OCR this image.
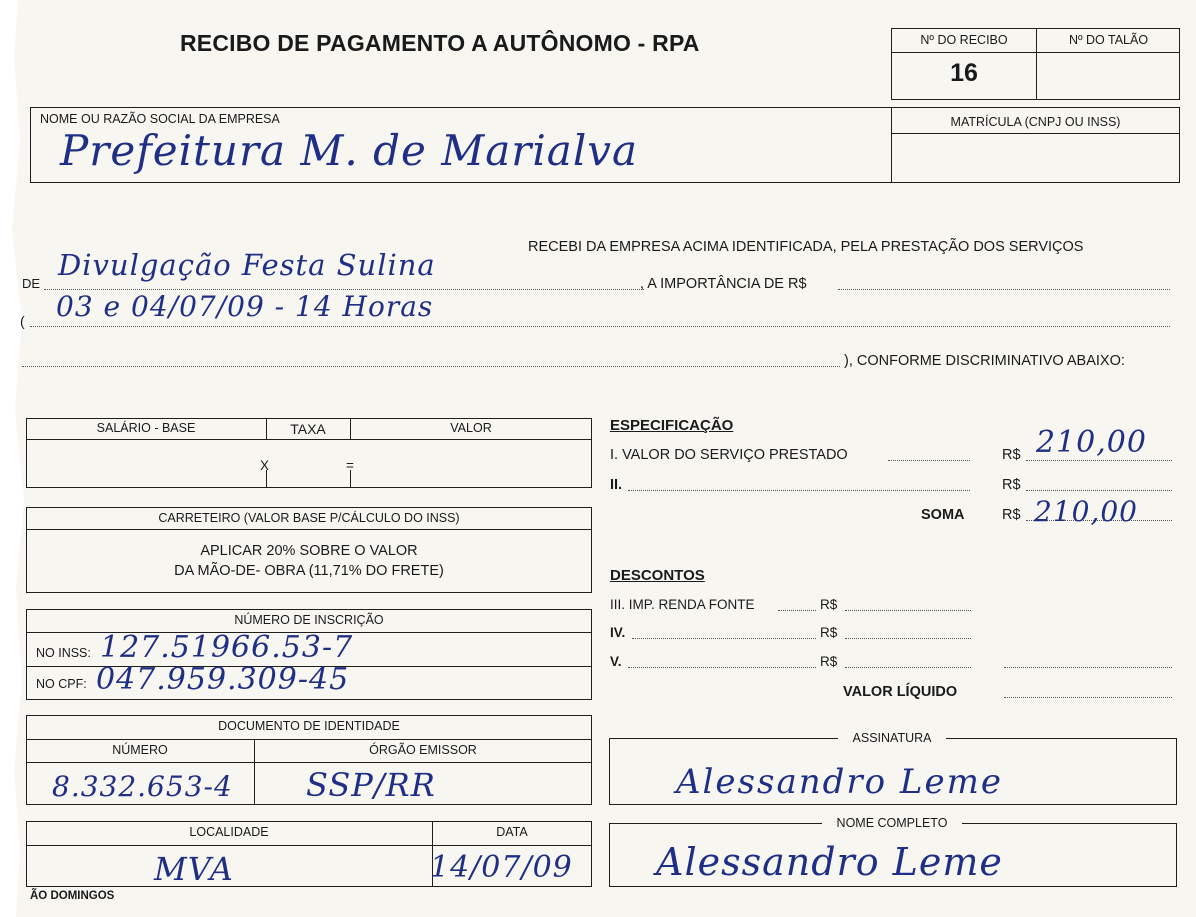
RECIBO DE PAGAMENTO A AUTÔNOMO - RPA	Nº DO RECIBO	Nº DO TALÃO
16
NOME OU RAZÃO SOCIAL DA EMPRESA	MATRÍCULA (CNPJ OU INSS)
Prefeitura M. de Marialva
RECEBI DA EMPRESA ACIMA IDENTIFICADA, PELA PRESTAÇÃO DOS SERVIÇOS
DE
Divulgação Festa Sulina
, A IMPORTÂNCIA DE R$
( 03 e 04/07/09 - 14 Horas
), CONFORME DISCRIMINATIVO ABAIXO:
SALÁRIO - BASE	TAXA	VALOR
X	=
CARRETEIRO (VALOR BASE P/CÁLCULO DO INSS)
APLICAR 20% SOBRE O VALOR
DA MÃO-DE- OBRA (11,71% DO FRETE)
NÚMERO DE INSCRIÇÃO
NO INSS: 127.51966.53-7
NO CPF: 047.959.309-45
DOCUMENTO DE IDENTIDADE
NÚMERO	ÓRGÃO EMISSOR
8.332.653-4 SSP/RR
LOCALIDADE	DATA
MVA	14/07/09
ÃO DOMINGOS
ESPECIFICAÇÃO
I. VALOR DO SERVIÇO PRESTADO	R$ 210,00
II.	R$
SOMA	R$ 210,00
DESCONTOS
III. IMP. RENDA FONTE	R$
IV.	R$
V.	R$
VALOR LÍQUIDO
ASSINATURA
Alessandro Leme
NOME COMPLETO
Alessandro Leme
